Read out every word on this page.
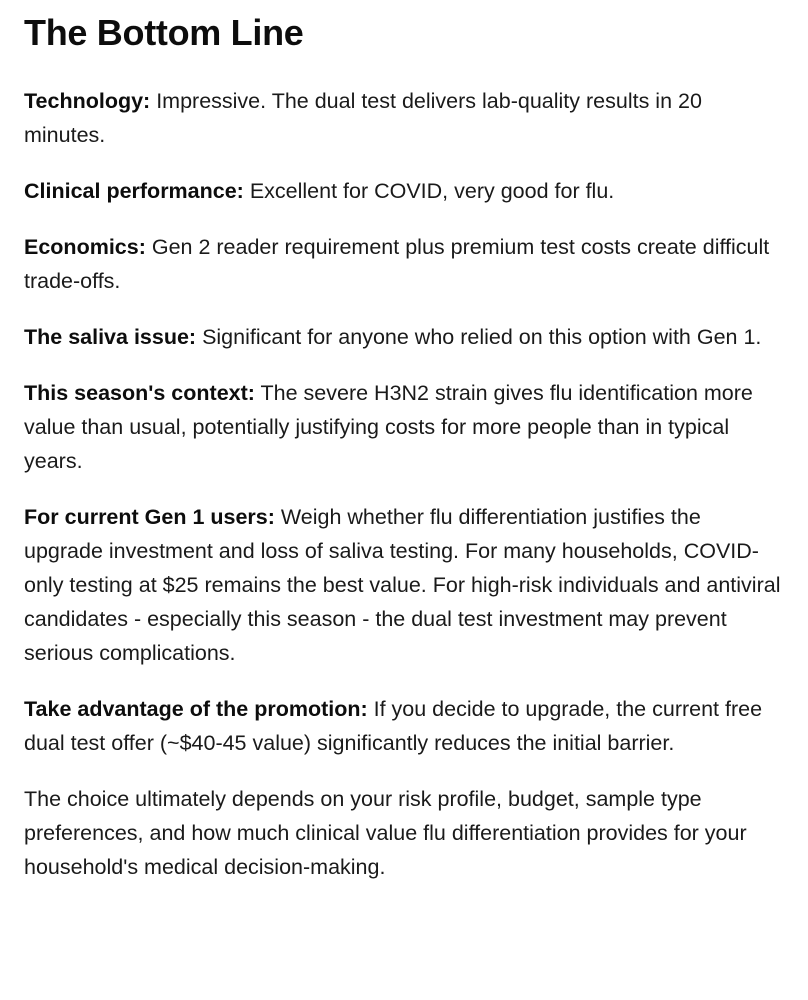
The Bottom Line

Technology: Impressive. The dual test delivers lab-quality results in 20 minutes.

Clinical performance: Excellent for COVID, very good for flu.

Economics: Gen 2 reader requirement plus premium test costs create difficult trade-offs.

The saliva issue: Significant for anyone who relied on this option with Gen 1.

This season's context: The severe H3N2 strain gives flu identification more value than usual, potentially justifying costs for more people than in typical years.

For current Gen 1 users: Weigh whether flu differentiation justifies the upgrade investment and loss of saliva testing. For many households, COVID-only testing at $25 remains the best value. For high-risk individuals and antiviral candidates - especially this season - the dual test investment may prevent serious complications.

Take advantage of the promotion: If you decide to upgrade, the current free dual test offer (~$40-45 value) significantly reduces the initial barrier.

The choice ultimately depends on your risk profile, budget, sample type preferences, and how much clinical value flu differentiation provides for your household's medical decision-making.
